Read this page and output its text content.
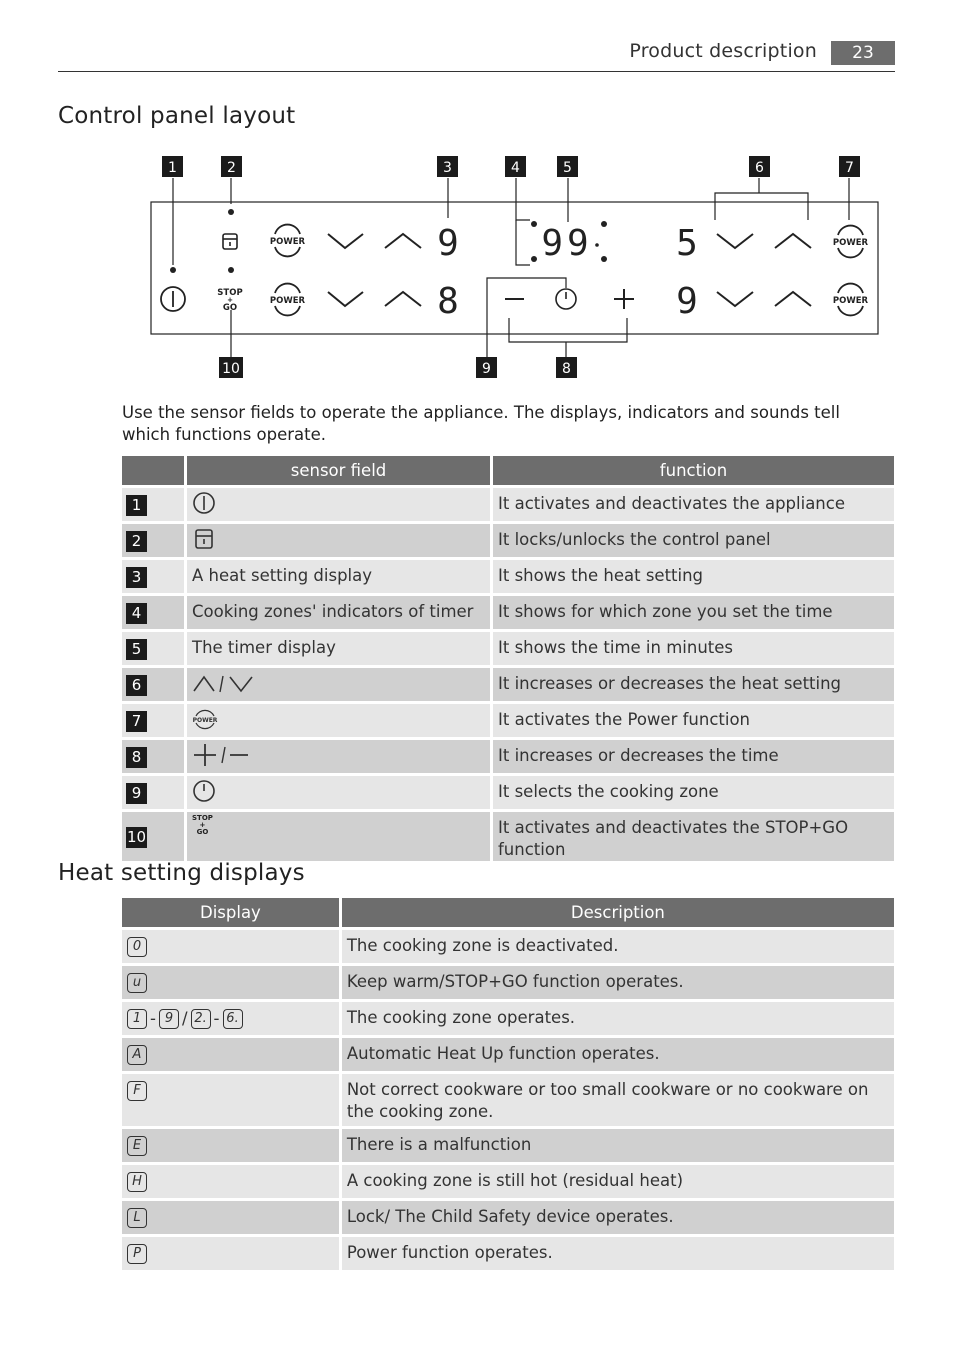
Product description	23
Control panel layout
1	2	3	4	5	6	7
8
9
10
STOP
+
GO
POWER
POWER
POWER
POWER
9
8
99 5
9
Use the sensor fields to operate the appliance. The displays, indicators and sounds tell which functions operate.
	sensor field	function
1		It activates and deactivates the appliance
2		It locks/unlocks the control panel
3	A heat setting display	It shows the heat setting
4	Cooking zones' indicators of timer	It shows for which zone you set the time
5	The timer display	It shows the time in minutes
6		It increases or decreases the heat setting
7	POWER	It activates the Power function
8		It increases or decreases the time
9		It selects the cooking zone
10	STOP
+
GO	It activates and deactivates the STOP+GO function
Heat setting displays
Display	Description
0	The cooking zone is deactivated.
u	Keep warm/STOP+GO function operates.
1 - 9 / 2. - 6.	The cooking zone operates.
A	Automatic Heat Up function operates.
F	Not correct cookware or too small cookware or no cookware on the cooking zone.
E	There is a malfunction
H	A cooking zone is still hot (residual heat)
L	Lock/ The Child Safety device operates.
P	Power function operates.
